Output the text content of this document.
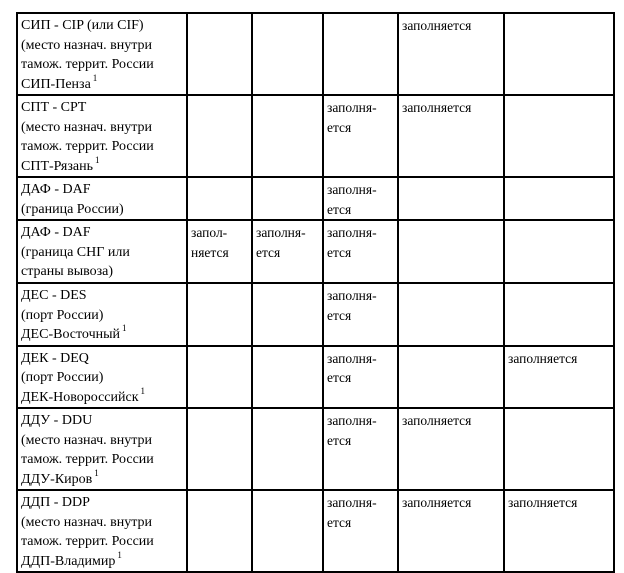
СИП - CIP (или CIF)
(место назнач. внутри
тамож. террит. России
СИП-Пенза $^1$				заполняется	

СПТ - CPT
(место назнач. внутри
тамож. террит. России
СПТ-Рязань $^1$			заполня-
ется	заполняется	

ДАФ - DAF
(граница России)			заполня-
ется		

ДАФ - DAF
(граница СНГ или
страны вывоза)	запол-
няется	заполня-
ется	заполня-
ется		

ДЕС - DES
(порт России)
ДЕС-Восточный $^1$			заполня-
ется		

ДЕК - DEQ
(порт России)
ДЕК-Новороссийск $^1$			заполня-
ется		заполняется

ДДУ - DDU
(место назнач. внутри
тамож. террит. России
ДДУ-Киров $^1$			заполня-
ется	заполняется	

ДДП - DDP
(место назнач. внутри
тамож. террит. России
ДДП-Владимир $^1$			заполня-
ется	заполняется	заполняется
